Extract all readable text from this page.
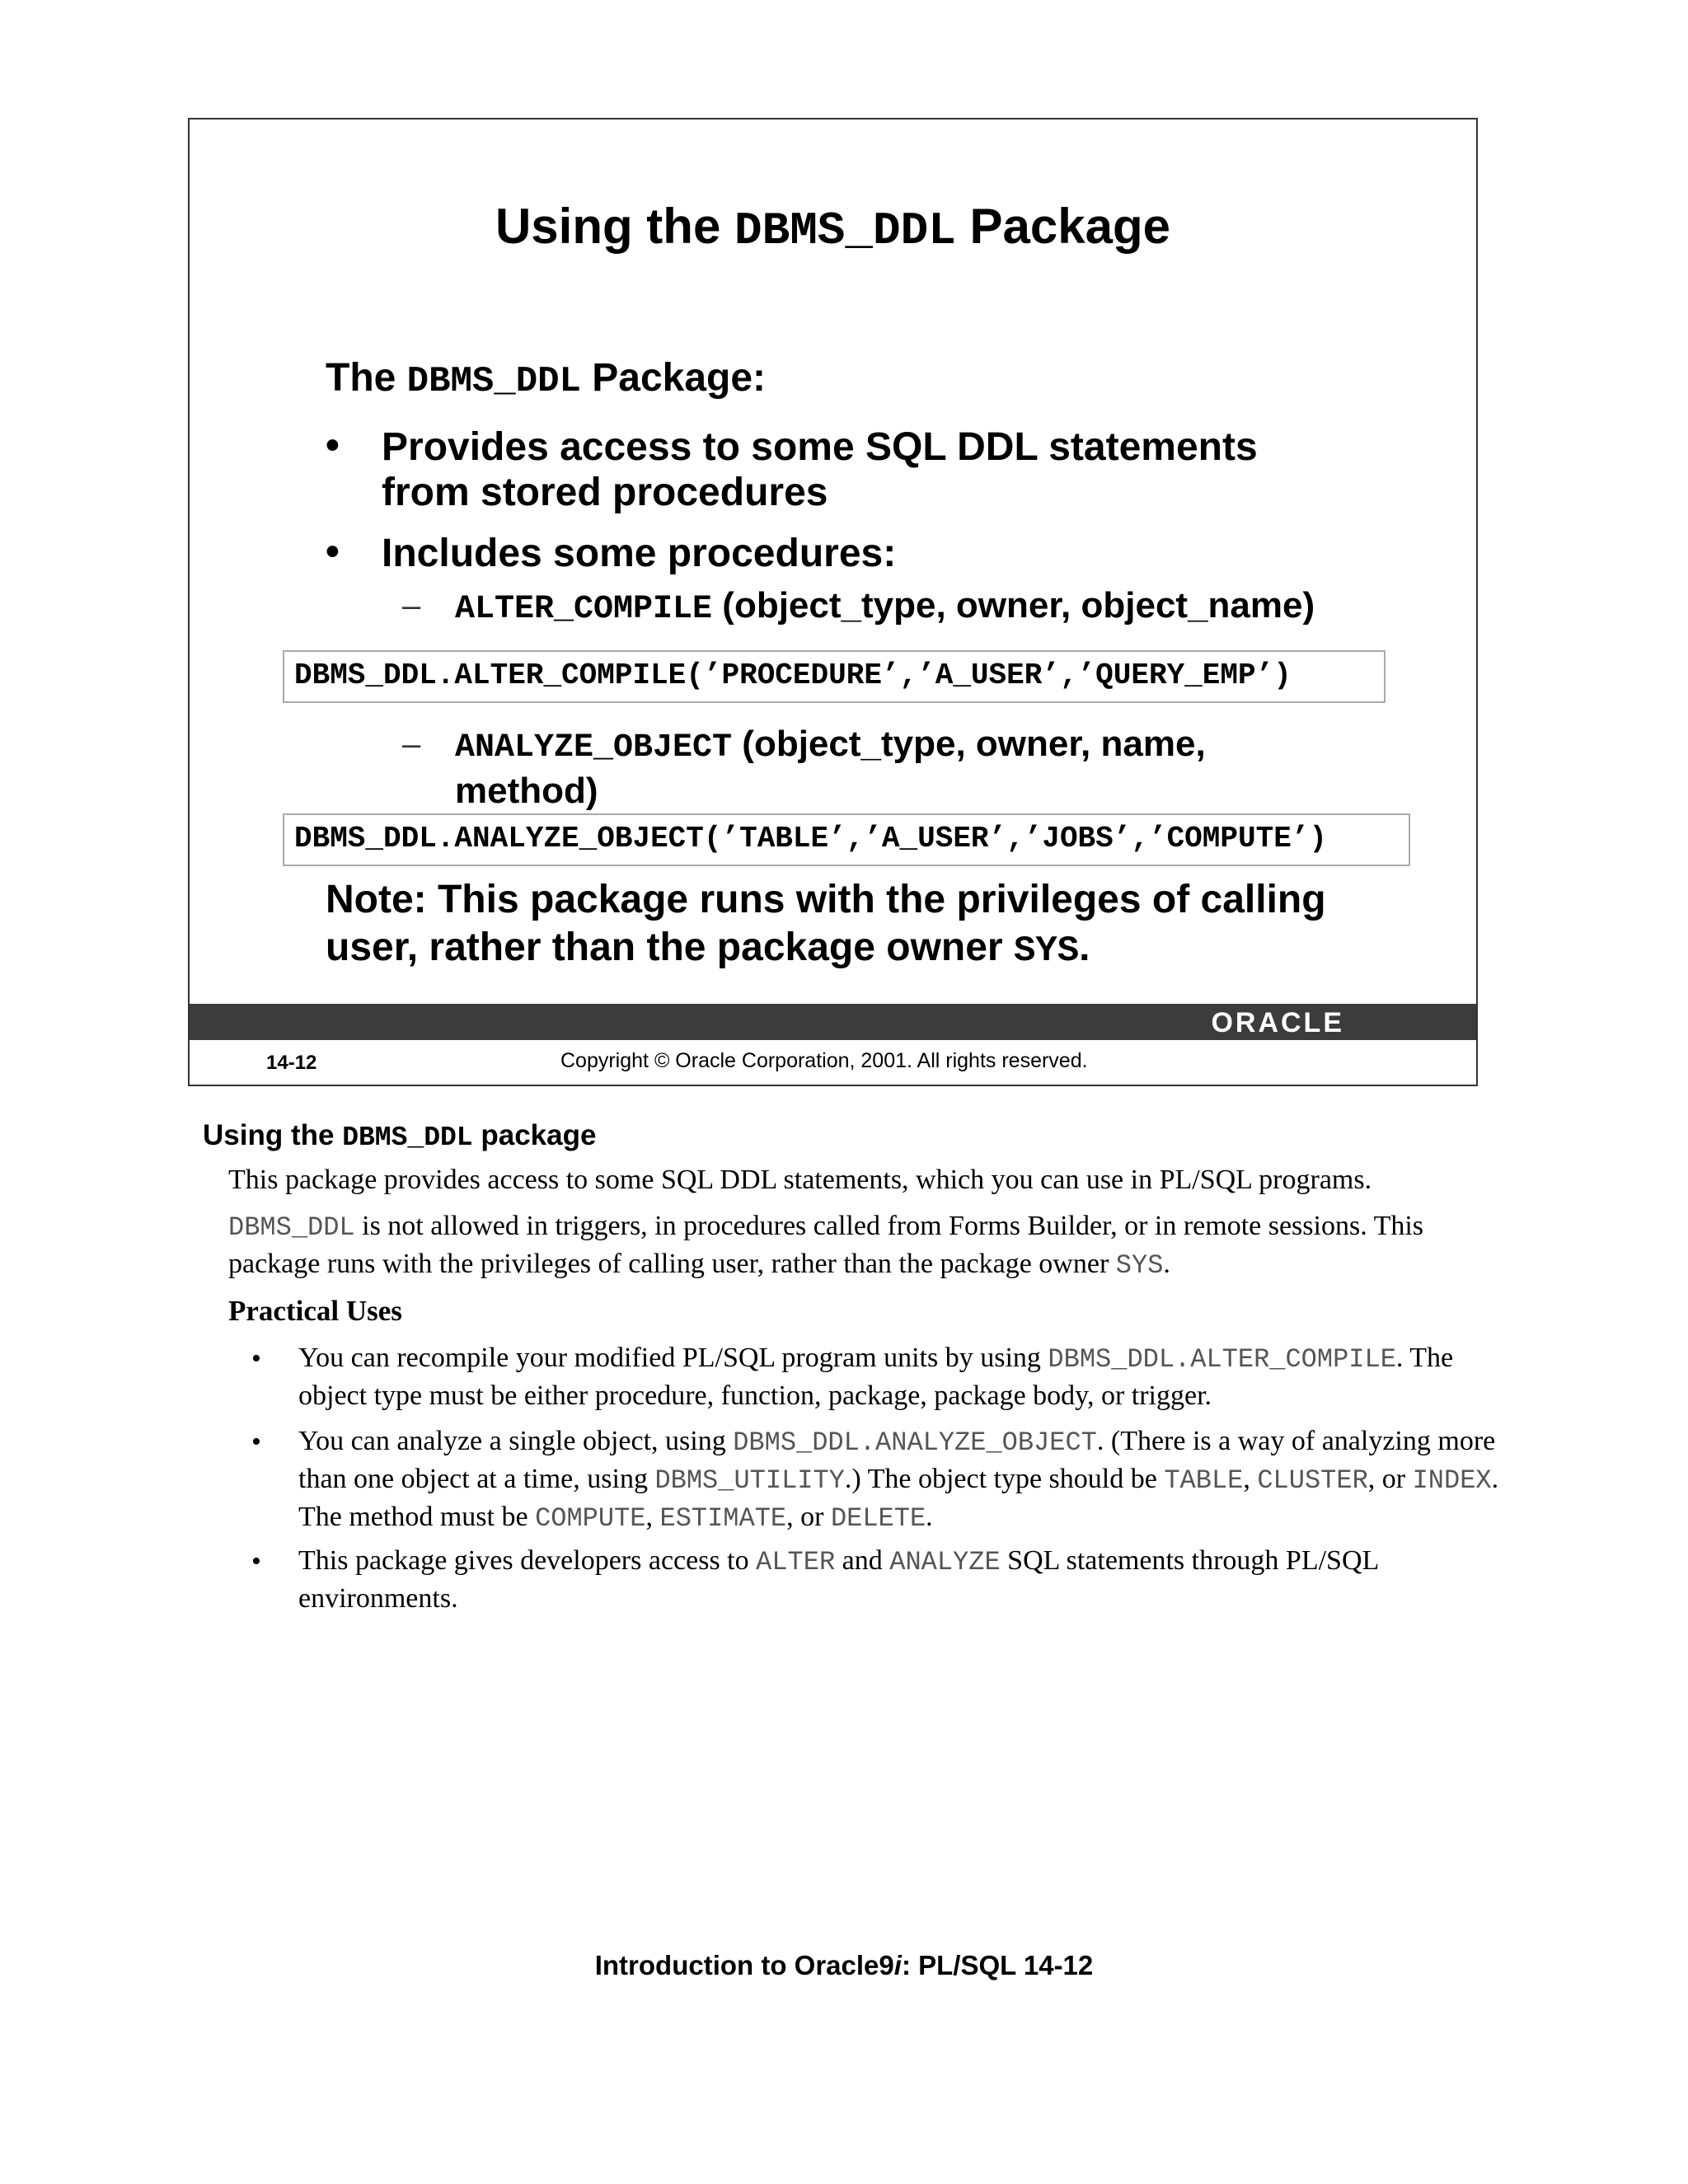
Using the DBMS_DDL Package
The DBMS_DDL Package:
• Provides access to some SQL DDL statements
from stored procedures
• Includes some procedures:
– ALTER_COMPILE (object_type, owner, object_name)
DBMS_DDL.ALTER_COMPILE(’PROCEDURE’,’A_USER’,’QUERY_EMP’)
– ANALYZE_OBJECT (object_type, owner, name,
method)
DBMS_DDL.ANALYZE_OBJECT(’TABLE’,’A_USER’,’JOBS’,’COMPUTE’)
Note: This package runs with the privileges of calling user, rather than the package owner SYS.
ORACLE
14-12	Copyright © Oracle Corporation, 2001. All rights reserved.
Using the DBMS_DDL package
This package provides access to some SQL DDL statements, which you can use in PL/SQL programs.
DBMS_DDL is not allowed in triggers, in procedures called from Forms Builder, or in remote sessions. This package runs with the privileges of calling user, rather than the package owner SYS.
Practical Uses
• You can recompile your modified PL/SQL program units by using DBMS_DDL.ALTER_COMPILE. The object type must be either procedure, function, package, package body, or trigger.
• You can analyze a single object, using DBMS_DDL.ANALYZE_OBJECT. (There is a way of analyzing more than one object at a time, using DBMS_UTILITY.) The object type should be TABLE, CLUSTER, or INDEX. The method must be COMPUTE, ESTIMATE, or DELETE.
• This package gives developers access to ALTER and ANALYZE SQL statements through PL/SQL environments.
Introduction to Oracle9i: PL/SQL 14-12
